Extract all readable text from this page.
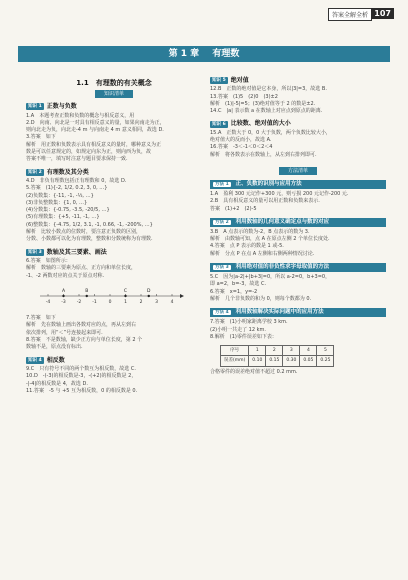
答案全解全析 107
第 1 章 有理数
1.1　有理数的有关概念
知识清单
知识 1 正数与负数
1.A　本题考查正数和负数的概念与相反意义，用
2.D　向南、向北是一对具有相反意义的量，如果向南走为正，
则向北走为负，向北走-4 m 与向南走 4 m 意义相同，故选 D.
3.答案　如下
解析　用正数和负数表示具有相反意义的量时，哪种意义为正
数是可以任意规定的，如规定向东为正，则向西为负，故
答案不唯一，填写时注意与题目要求保持一致.
知识 2 有理数及其分类
4.D　非负有理数包括正有理数和 0，故选 D.
5.答案　(1){-2, 1/2, 0.2, 3, 0, …}
(2)负数集：{-11, -1, -⅓, …}
(3)非负整数集：{1, 0, …}
(4)分数集：{-0.75, -3.5, -20/5, …}
(5)有理数集：{+5, -11, -1, …}
(6)整数集：{-4.75, 1/2, 3.1, -1, 0.66, -1, -200%, …}
解析　比较小数点的位数时，要注意正负数的区别，
分数、小数都可以化为有理数，整数和分数统称为有理数.
知识 3 数轴及其三要素、画法
6.答案　如图所示：
解析　数轴的三要素为原点、正方向和单位长度，
-1、-2 两数对应的点关于原点对称.
-4 -3 -2 -1	0	1	2	3	4
A	B	C	D
7.答案　如下
解析　先在数轴上画出各数对应的点，再从左到右
依次排列，用“＜”号连接起来即可.
8.答案　不是数轴，缺少正方向与单位长度，第 2 个
数轴不是，原点没有标出.
知识 4 相反数
9.C　只有符号不同的两个数互为相反数，故选 C.
10.D　-(-3)的相反数是-3，-(+2)的相反数是 2，
-|-4|的相反数是 4，故选 D.
11.答案　-5 与 +5 互为相反数，0 的相反数是 0.
知识 5 绝对值
12.B　正数的绝对值是它本身，所以|3|=3，故选 B.
13.答案　(1)5　(2)0　(3)±2
解析　(1)|-5|=5；(3)绝对值等于 2 的数是±2.
14.C　|a| 表示数 a 在数轴上对应点到原点的距离.
知识 6 比较数、绝对值的大小
15.A　正数大于 0，0 大于负数，两个负数比较大小，
绝对值大的反而小，故选 A.
16.答案　-3＜-1＜0＜2＜4
解析　将各数表示在数轴上，从左到右排列即可.
方法清单
方法 1 正、负数的识别与应用方法
1.A　盈利 300 元记作+300 元，则亏损 200 元记作-200 元.
2.B　具有相反意义的量可以用正数和负数来表示.
答案　(1)+2　(2)-5
方法 2 利用数轴的几何意义确定点与数的对应
3.B　A 点表示的数为-2，B 点表示的数为 3.
解析　由数轴可知，点 A 在原点左侧 2 个单位长度处.
4.答案　点 P 表示的数是 1 或-5.
解析　分点 P 在点 A 左侧和右侧两种情况讨论.
方法 3 利用绝对值的非负性求字母取值的方法
5.C　因为|a-2|+|b+3|=0，所以 a-2=0，b+3=0，
即 a=2，b=-3，故选 C.
6.答案　x=1，y=-2
解析　几个非负数的和为 0，则每个数都为 0.
方法 4 利用数轴解决实际问题中的应用方法
7.答案　(1)小明家距离学校 3 km.
(2)小明一共走了 12 km.
8.解析　(1)零件误差如下表：
序号	1	2	3	4	5
误差(mm)	0.10	0.15	0.30	0.05	0.25
合格零件的误差绝对值不超过 0.2 mm.
